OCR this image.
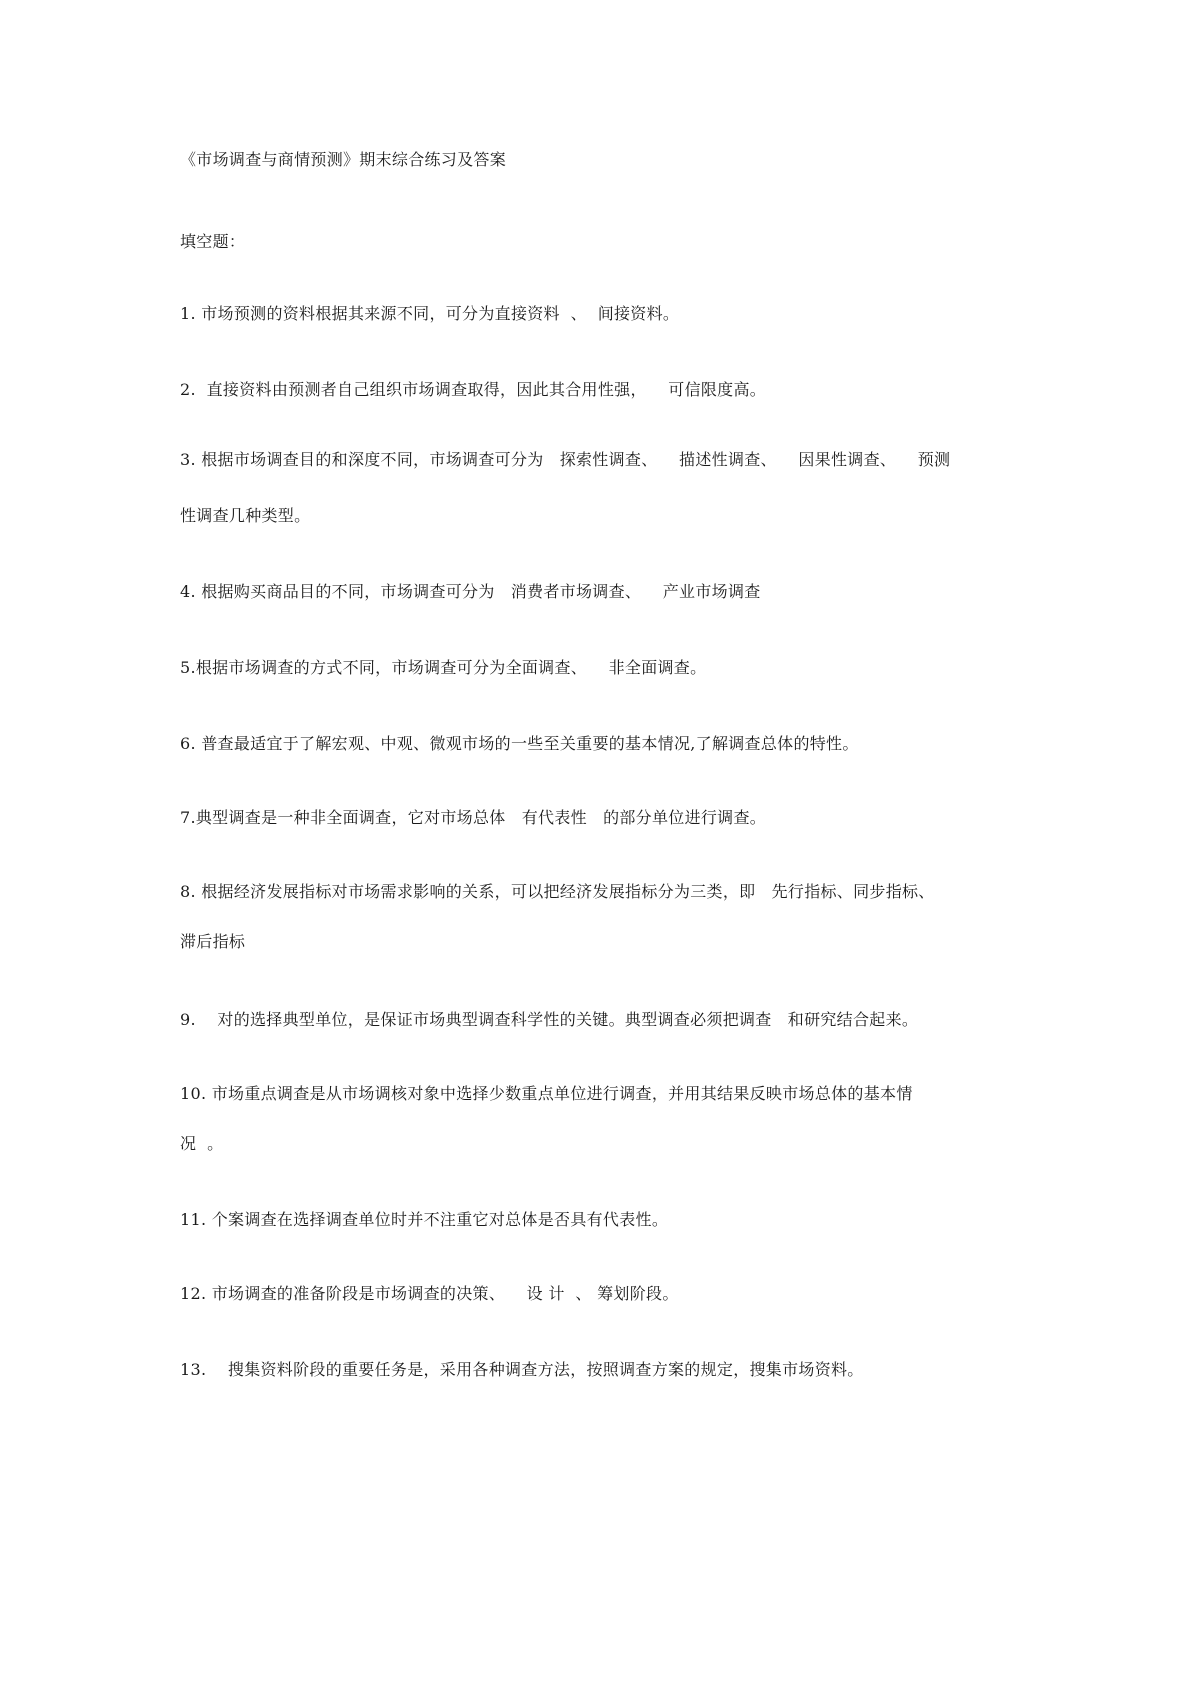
《市场调查与商情预测》期末综合练习及答案
填空题：
1. 市场预测的资料根据其来源不同，可分为直接资料  、  间接资料。
2.  直接资料由预测者自己组织市场调查取得，因此其合用性强，    可信限度高。
3. 根据市场调查目的和深度不同，市场调查可分为   探索性调查、    描述性调查、    因果性调查、    预测
性调查几种类型。
4. 根据购买商品目的不同，市场调查可分为   消费者市场调查、    产业市场调查
5.根据市场调查的方式不同，市场调查可分为全面调查、    非全面调查。
6. 普查最适宜于了解宏观、中观、微观市场的一些至关重要的基本情况,了解调查总体的特性。
7.典型调查是一种非全面调查，它对市场总体   有代表性   的部分单位进行调查。
8. 根据经济发展指标对市场需求影响的关系，可以把经济发展指标分为三类，即   先行指标、同步指标、
滞后指标
9.    对的选择典型单位，是保证市场典型调查科学性的关键。典型调查必须把调查   和研究结合起来。
10. 市场重点调查是从市场调核对象中选择少数重点单位进行调查，并用其结果反映市场总体的基本情
况  。
11. 个案调查在选择调查单位时并不注重它对总体是否具有代表性。
12. 市场调查的准备阶段是市场调查的决策、    设 计  、 筹划阶段。
13.    搜集资料阶段的重要任务是，采用各种调查方法，按照调查方案的规定，搜集市场资料。
